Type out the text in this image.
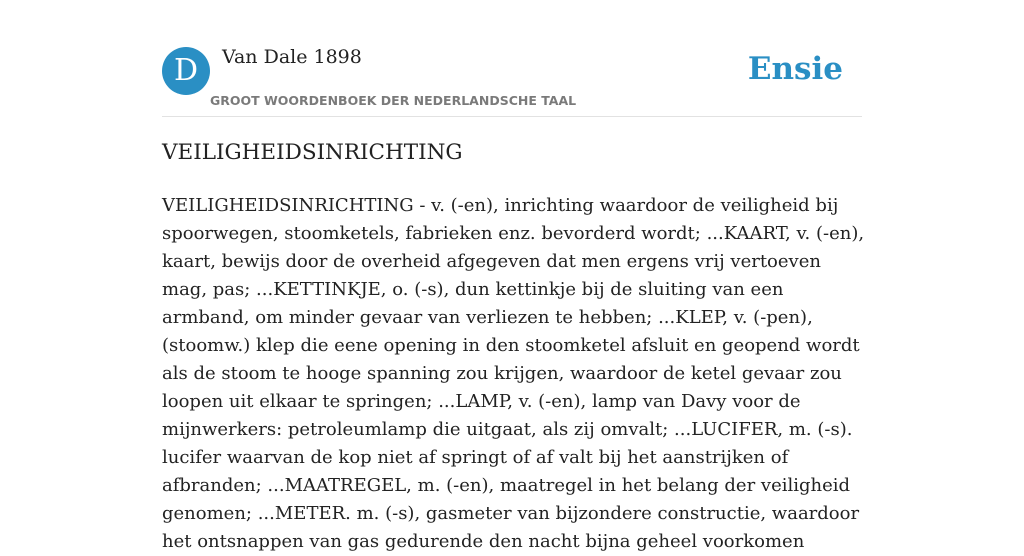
D	Van Dale 1898
GROOT WOORDENBOEK DER NEDERLANDSCHE TAAL
Ensie
VEILIGHEIDSINRICHTING

VEILIGHEIDSINRICHTING - v. (-en), inrichting waardoor de veiligheid bij spoorwegen, stoomketels, fabrieken enz. bevorderd wordt; ...KAART, v. (-en), kaart, bewijs door de overheid afgegeven dat men ergens vrij vertoeven mag, pas; ...KETTINKJE, o. (-s), dun kettinkje bij de sluiting van een armband, om minder gevaar van verliezen te hebben; ...KLEP, v. (-pen), (stoomw.) klep die eene opening in den stoomketel afsluit en geopend wordt als de stoom te hooge spanning zou krijgen, waardoor de ketel gevaar zou loopen uit elkaar te springen; ...LAMP, v. (-en), lamp van Davy voor de mijnwerkers: petroleumlamp die uitgaat, als zij omvalt; ...LUCIFER, m. (-s). lucifer waarvan de kop niet af springt of af valt bij het aanstrijken of afbranden; ...MAATREGEL, m. (-en), maatregel in het belang der veiligheid genomen; ...METER. m. (-s), gasmeter van bijzondere constructie, waardoor het ontsnappen van gas gedurende den nacht bijna geheel voorkomen
